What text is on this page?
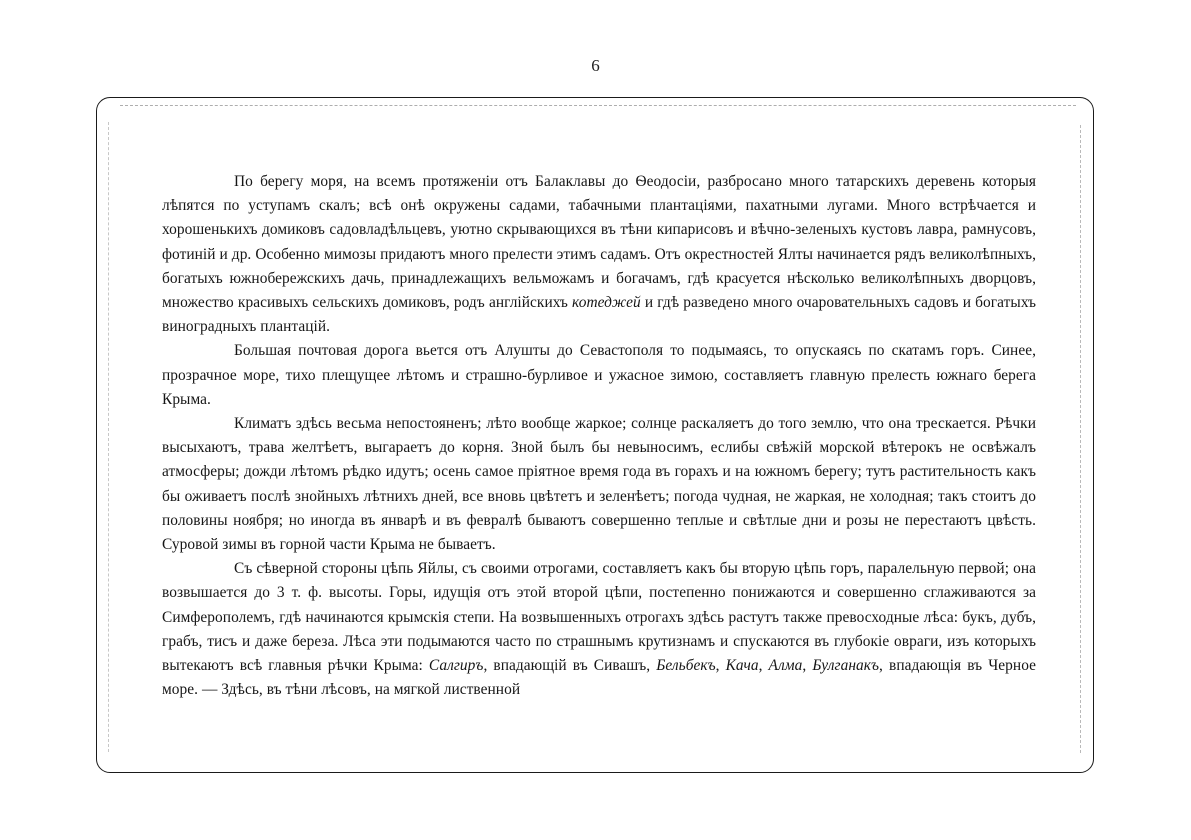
6

По берегу моря, на всемъ протяженіи отъ Балаклавы до Ѳеодосіи, разбросано много татарскихъ деревень которыя лѣпятся по уступамъ скалъ; всѣ онѣ окружены садами, табачными плантаціями, пахатными лугами. Много встрѣчается и хорошенькихъ домиковъ садовладѣльцевъ, уютно скрывающихся въ тѣни кипарисовъ и вѣчно-зеленыхъ кустовъ лавра, рамнусовъ, фотиній и др. Особенно мимозы придаютъ много прелести этимъ садамъ. Отъ окрестностей Ялты начинается рядъ великолѣпныхъ, богатыхъ южнобережскихъ дачь, принадлежащихъ вельможамъ и богачамъ, гдѣ красуется нѣсколько великолѣпныхъ дворцовъ, множество красивыхъ сельскихъ домиковъ, родъ англійскихъ котеджей и гдѣ разведено много очаровательныхъ садовъ и богатыхъ виноградныхъ плантацій.

Большая почтовая дорога вьется отъ Алушты до Севастополя то подымаясь, то опускаясь по скатамъ горъ. Синее, прозрачное море, тихо плещущее лѣтомъ и страшно-бурливое и ужасное зимою, составляетъ главную прелесть южнаго берега Крыма.

Климатъ здѣсь весьма непостояненъ; лѣто вообще жаркое; солнце раскаляетъ до того землю, что она трескается. Рѣчки высыхаютъ, трава желтѣетъ, выгараетъ до корня. Зной былъ бы невыносимъ, еслибы свѣжій морской вѣтерокъ не освѣжалъ атмосферы; дожди лѣтомъ рѣдко идутъ; осень самое пріятное время года въ горахъ и на южномъ берегу; тутъ растительность какъ бы оживаетъ послѣ знойныхъ лѣтнихъ дней, все вновь цвѣтетъ и зеленѣетъ; погода чудная, не жаркая, не холодная; такъ стоитъ до половины ноября; но иногда въ январѣ и въ февралѣ бываютъ совершенно теплые и свѣтлые дни и розы не перестаютъ цвѣсть. Суровой зимы въ горной части Крыма не бываетъ.

Съ сѣверной стороны цѣпь Яйлы, съ своими отрогами, составляетъ какъ бы вторую цѣпь горъ, паралельную первой; она возвышается до 3 т. ф. высоты. Горы, идущія отъ этой второй цѣпи, постепенно понижаются и совершенно сглаживаются за Симферополемъ, гдѣ начинаются крымскія степи. На возвышенныхъ отрогахъ здѣсь растутъ также превосходные лѣса: букъ, дубъ, грабъ, тисъ и даже береза. Лѣса эти подымаются часто по страшнымъ крутизнамъ и спускаются въ глубокіе овраги, изъ которыхъ вытекаютъ всѣ главныя рѣчки Крыма: Салгиръ, впадающій въ Сивашъ, Бельбекъ, Кача, Алма, Булганакъ, впадающія въ Черное море. — Здѣсь, въ тѣни лѣсовъ, на мягкой лиственной
